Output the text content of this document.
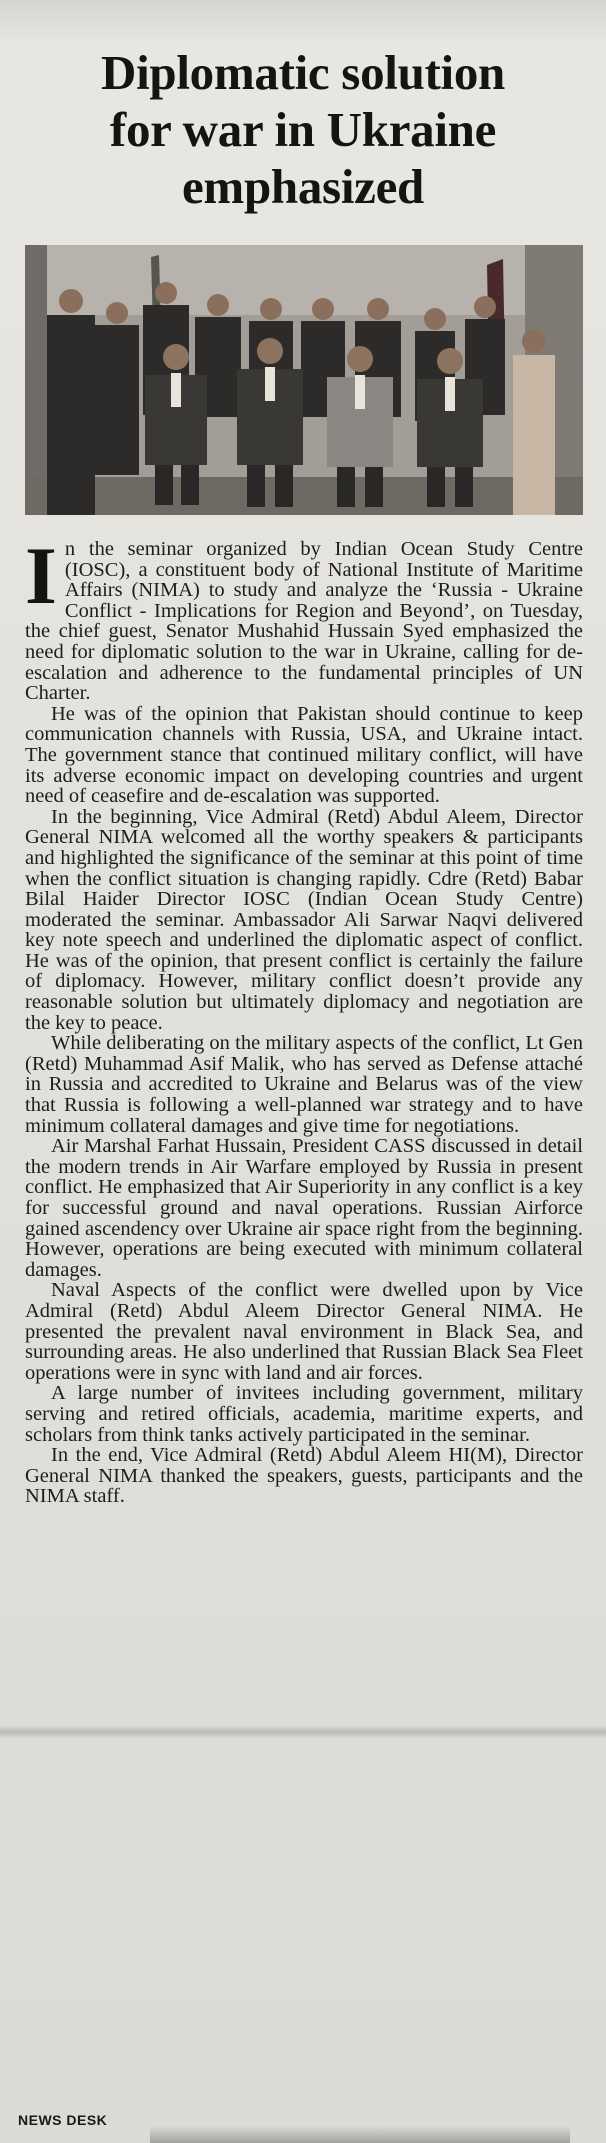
Diplomatic solution
for war in Ukraine
emphasized

In the seminar organized by Indian Ocean Study Centre (IOSC), a constituent body of National Institute of Maritime Affairs (NIMA) to study and analyze the ‘Russia - Ukraine Conflict - Implications for Region and Beyond’, on Tuesday, the chief guest, Senator Mushahid Hussain Syed emphasized the need for diplomatic solution to the war in Ukraine, calling for de-escalation and adherence to the fundamental principles of UN Charter.

He was of the opinion that Pakistan should continue to keep communication channels with Russia, USA, and Ukraine intact. The government stance that continued military conflict, will have its adverse economic impact on developing countries and urgent need of ceasefire and de-escalation was supported.

In the beginning, Vice Admiral (Retd) Abdul Aleem, Director General NIMA welcomed all the worthy speakers & participants and highlighted the significance of the seminar at this point of time when the conflict situation is changing rapidly. Cdre (Retd) Babar Bilal Haider Director IOSC (Indian Ocean Study Centre) moderated the seminar. Ambassador Ali Sarwar Naqvi delivered key note speech and underlined the diplomatic aspect of conflict. He was of the opinion, that present conflict is certainly the failure of diplomacy. However, military conflict doesn’t provide any reasonable solution but ultimately diplomacy and negotiation are the key to peace.

While deliberating on the military aspects of the conflict, Lt Gen (Retd) Muhammad Asif Malik, who has served as Defense attaché in Russia and accredited to Ukraine and Belarus was of the view that Russia is following a well-planned war strategy and to have minimum collateral damages and give time for negotiations.

Air Marshal Farhat Hussain, President CASS discussed in detail the modern trends in Air Warfare employed by Russia in present conflict. He emphasized that Air Superiority in any conflict is a key for successful ground and naval operations. Russian Airforce gained ascendency over Ukraine air space right from the beginning. However, operations are being executed with minimum collateral damages.

Naval Aspects of the conflict were dwelled upon by Vice Admiral (Retd) Abdul Aleem Director General NIMA. He presented the prevalent naval environment in Black Sea, and surrounding areas. He also underlined that Russian Black Sea Fleet operations were in sync with land and air forces.

A large number of invitees including government, military serving and retired officials, academia, maritime experts, and scholars from think tanks actively participated in the seminar.

In the end, Vice Admiral (Retd) Abdul Aleem HI(M), Director General NIMA thanked the speakers, guests, participants and the NIMA staff.

NEWS DESK
